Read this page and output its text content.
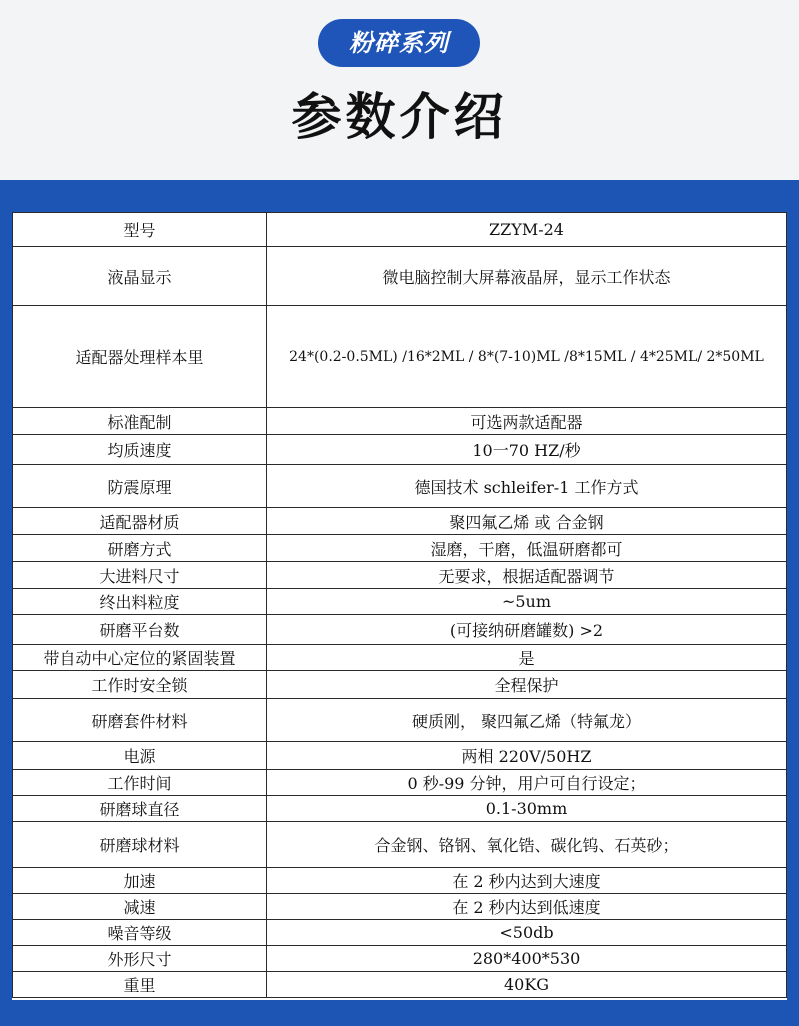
粉碎系列
参数介绍
型号	ZZYM-24
液晶显示	微电脑控制大屏幕液晶屏，显示工作状态
适配器处理样本里	24*(0.2-0.5ML) /16*2ML / 8*(7-10)ML /8*15ML / 4*25ML/ 2*50ML
标准配制	可选两款适配器
均质速度	10一70 HZ/秒
防震原理	德国技术 schleifer-1 工作方式
适配器材质	聚四氟乙烯 或 合金钢
研磨方式	湿磨，干磨，低温研磨都可
大进料尺寸	无要求，根据适配器调节
终出料粒度	~5um
研磨平台数	(可接纳研磨罐数) >2
带自动中心定位的紧固装置	是
工作时安全锁	全程保护
研磨套件材料	硬质刚， 聚四氟乙烯（特氟龙）
电源	两相 220V/50HZ
工作时间	0 秒-99 分钟，用户可自行设定；
研磨球直径	0.1-30mm
研磨球材料	合金钢、铬钢、氧化锆、碳化钨、石英砂；
加速	在 2 秒内达到大速度
减速	在 2 秒内达到低速度
噪音等级	<50db
外形尺寸	280*400*530
重里	40KG
